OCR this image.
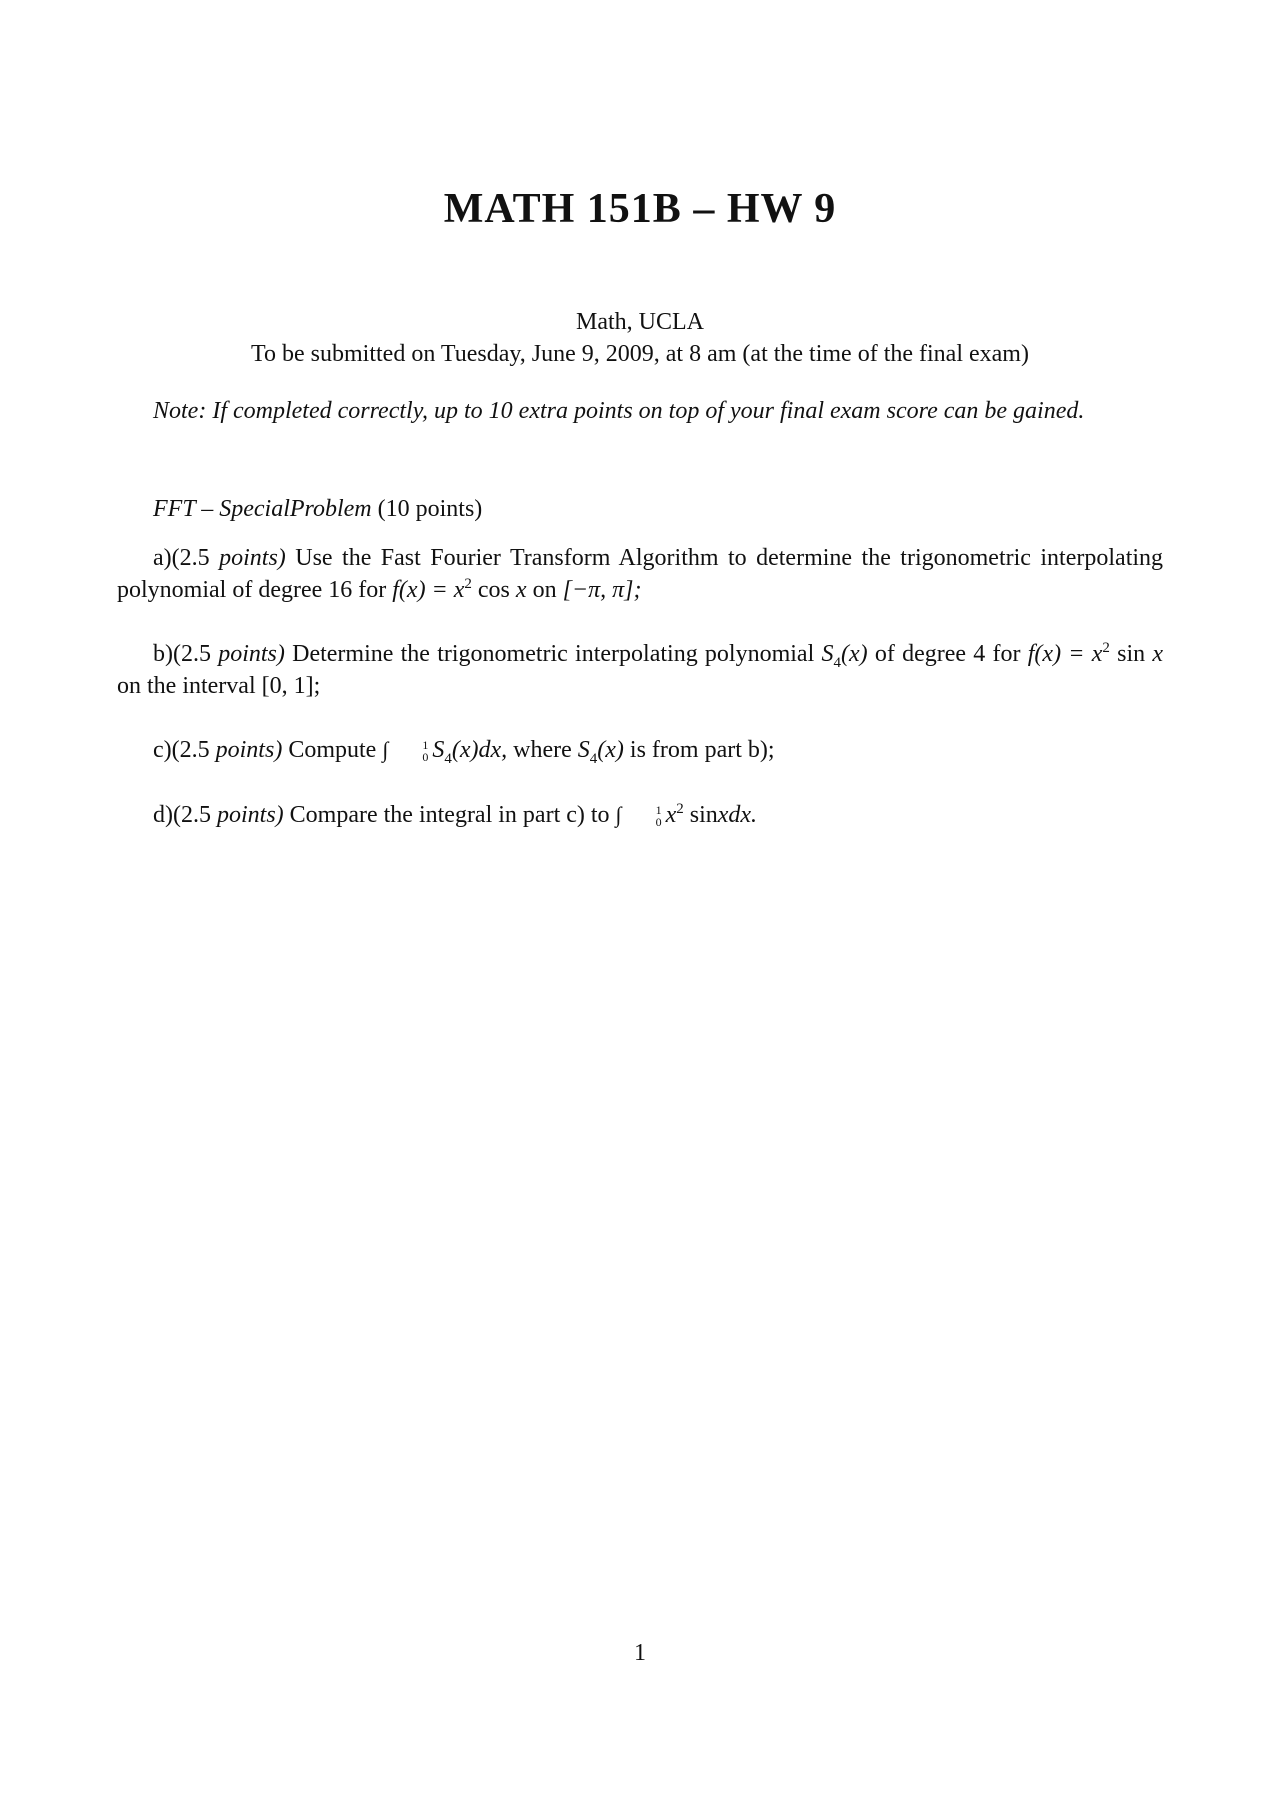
MATH 151B – HW 9
Math, UCLA
To be submitted on Tuesday, June 9, 2009, at 8 am (at the time of the final exam)
Note: If completed correctly, up to 10 extra points on top of your final exam score can be gained.
FFT – SpecialProblem (10 points)
a)(2.5 points) Use the Fast Fourier Transform Algorithm to determine the trigonometric interpolating polynomial of degree 16 for $f(x) = x^2$ cos x on [−π, π];
b)(2.5 points) Determine the trigonometric interpolating polynomial $S_4(x)$ of degree 4 for $f(x) = x^2$ sin x on the interval [0, 1];
c)(2.5 points) Compute ∫	1
0 $S_4(x)dx$, where $S_4(x)$ is from part b);
d)(2.5 points) Compare the integral in part c) to ∫	1
0 $x^2$ sinxdx.
1
